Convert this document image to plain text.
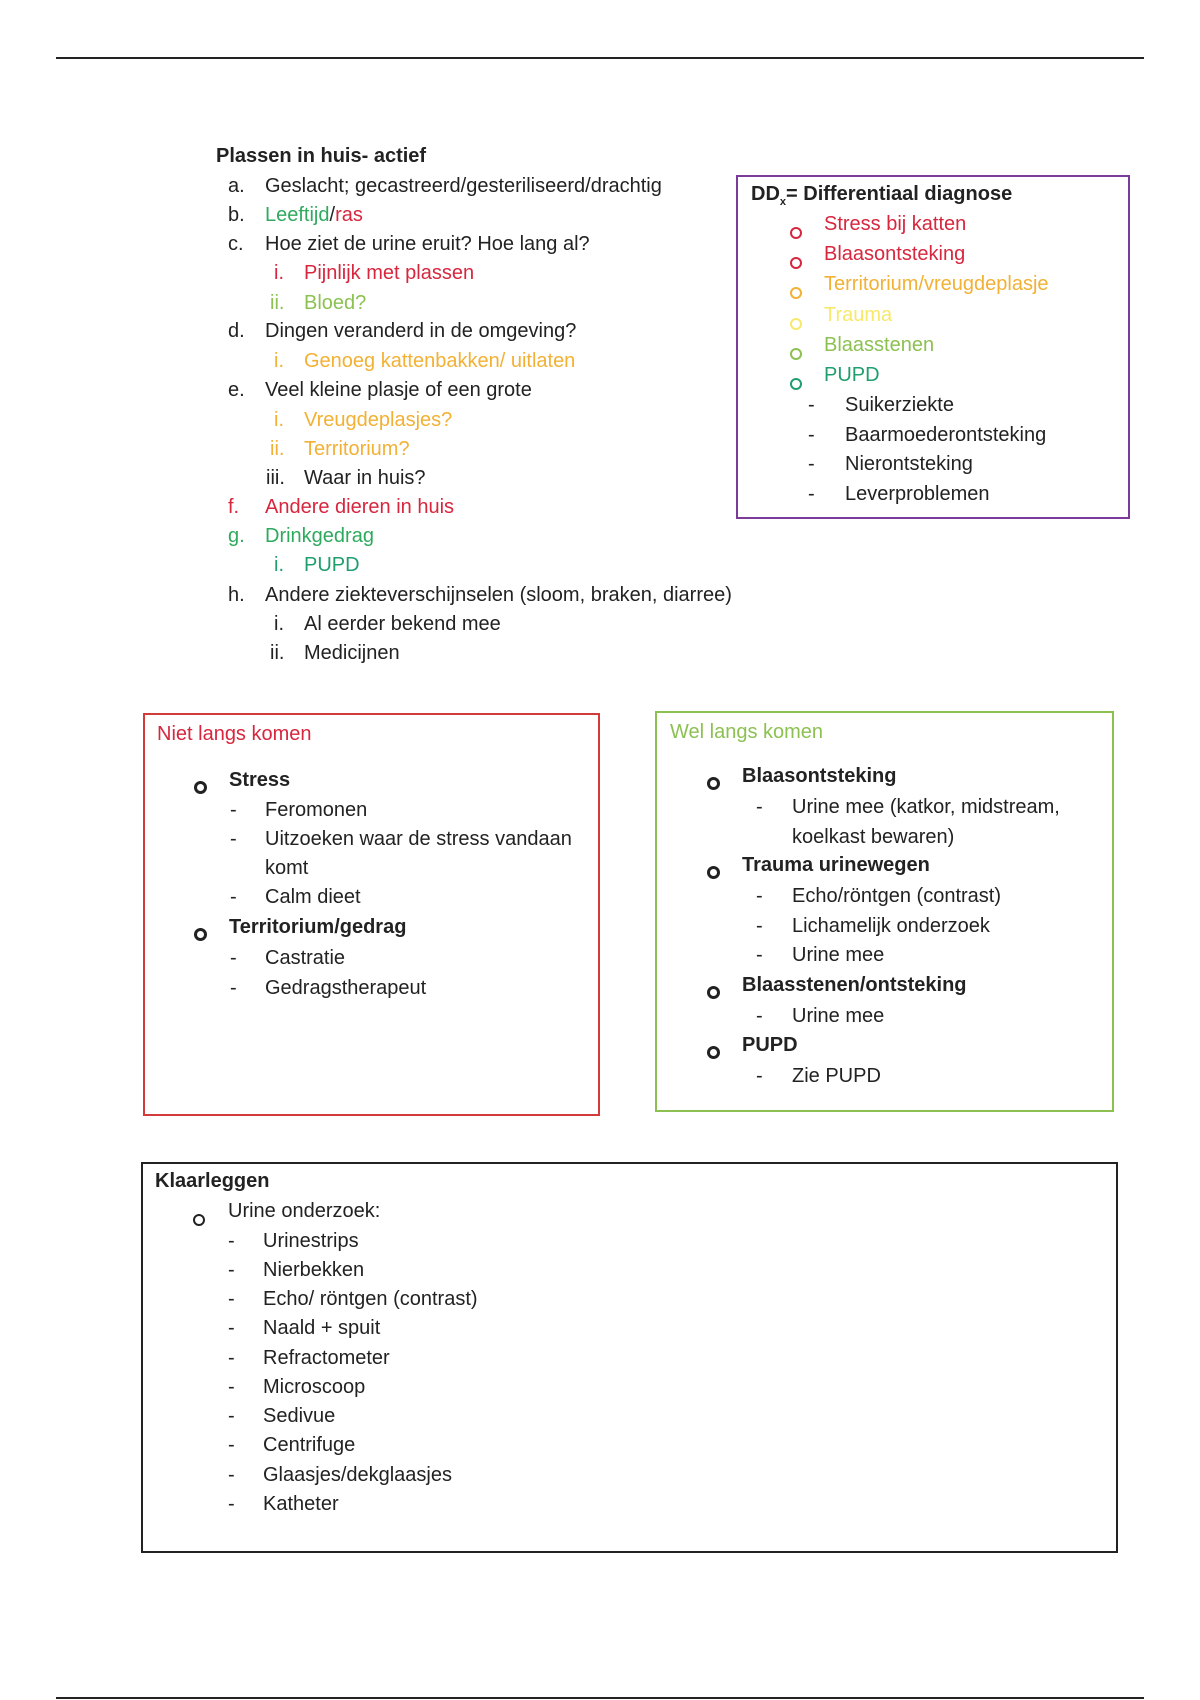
Plassen in huis- actief
a. Geslacht; gecastreerd/gesteriliseerd/drachtig
b. Leeftijd/ras
c. Hoe ziet de urine eruit? Hoe lang al?
i. Pijnlijk met plassen
ii. Bloed?
d. Dingen veranderd in de omgeving?
i. Genoeg kattenbakken/ uitlaten
e. Veel kleine plasje of een grote
i. Vreugdeplasjes?
ii. Territorium?
iii. Waar in huis?
f. Andere dieren in huis
g. Drinkgedrag
i. PUPD
h. Andere ziekteverschijnselen (sloom, braken, diarree)
i. Al eerder bekend mee
ii. Medicijnen
$DD_x=$ Differentiaal diagnose
Stress bij katten
Blaasontsteking
Territorium/vreugdeplasje
Trauma
Blaasstenen
PUPD
- Suikerziekte
- Baarmoederontsteking
- Nierontsteking
- Leverproblemen
Niet langs komen
Stress
- Feromonen
- Uitzoeken waar de stress vandaan
komt
- Calm dieet
Territorium/gedrag
- Castratie
- Gedragstherapeut
Wel langs komen
Blaasontsteking
- Urine mee (katkor, midstream,
koelkast bewaren)
Trauma urinewegen
- Echo/röntgen (contrast)
- Lichamelijk onderzoek
- Urine mee
Blaasstenen/ontsteking
- Urine mee
PUPD
- Zie PUPD
Klaarleggen
Urine onderzoek:
- Urinestrips
- Nierbekken
- Echo/ röntgen (contrast)
- Naald + spuit
- Refractometer
- Microscoop
- Sedivue
- Centrifuge
- Glaasjes/dekglaasjes
- Katheter
